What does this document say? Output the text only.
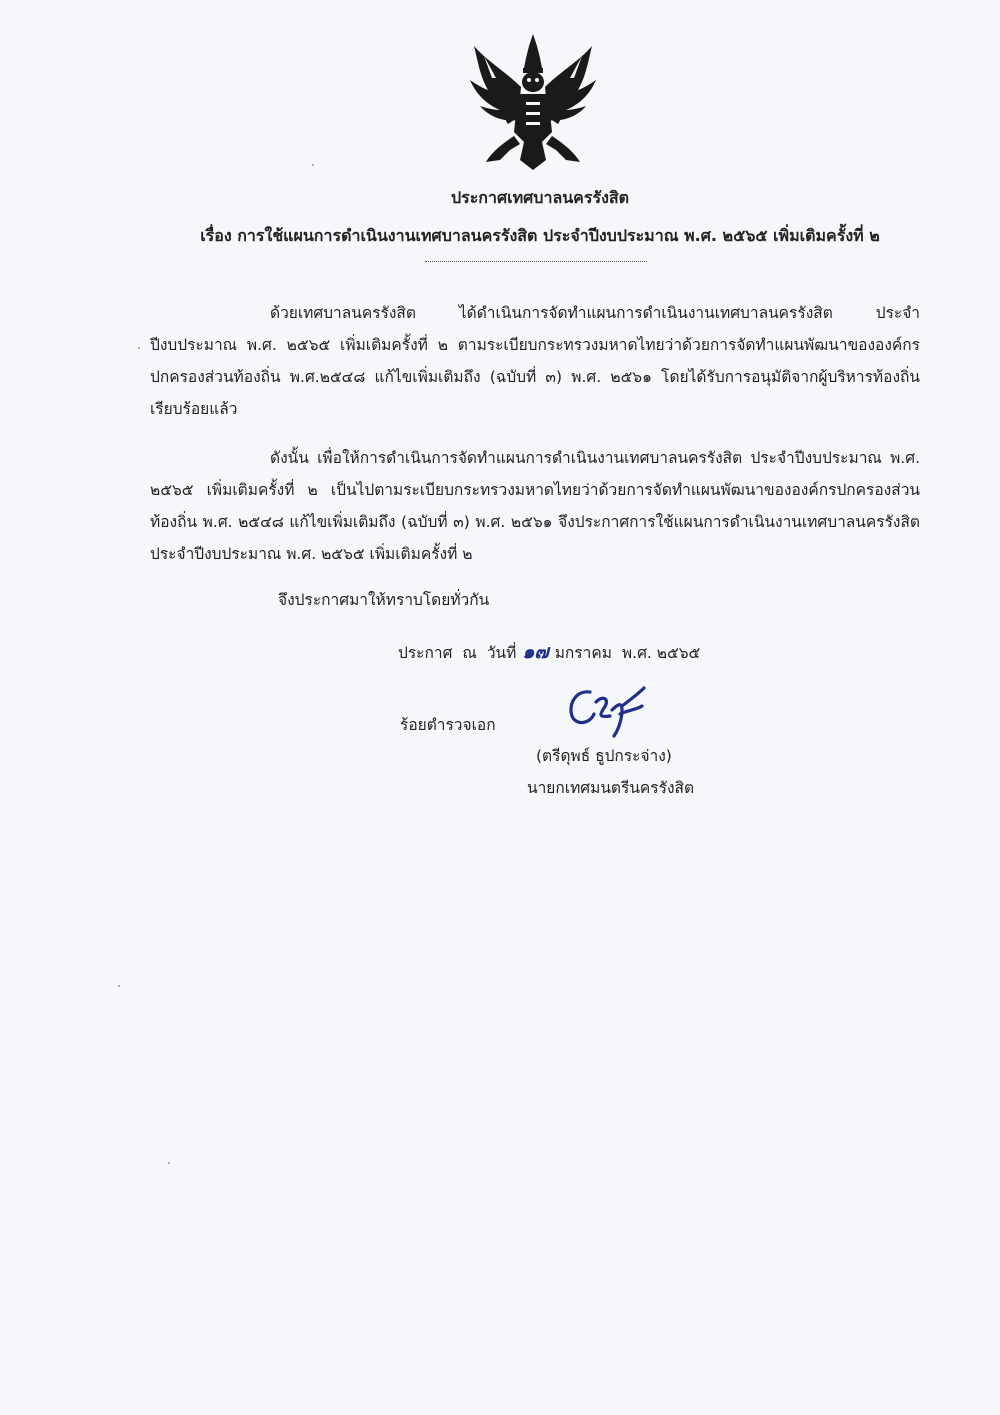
ประกาศเทศบาลนครรังสิต
เรื่อง การใช้แผนการดำเนินงานเทศบาลนครรังสิต ประจำปีงบประมาณ พ.ศ. ๒๕๖๕ เพิ่มเติมครั้งที่ ๒
ด้วยเทศบาลนครรังสิต ได้ดำเนินการจัดทำแผนการดำเนินงานเทศบาลนครรังสิต ประจำปีงบประมาณ พ.ศ. ๒๕๖๕ เพิ่มเติมครั้งที่ ๒ ตามระเบียบกระทรวงมหาดไทยว่าด้วยการจัดทำแผนพัฒนาขององค์กรปกครองส่วนท้องถิ่น พ.ศ.๒๕๔๘ แก้ไขเพิ่มเติมถึง (ฉบับที่ ๓) พ.ศ. ๒๕๖๑ โดยได้รับการอนุมัติจากผู้บริหารท้องถิ่น เรียบร้อยแล้ว
ดังนั้น เพื่อให้การดำเนินการจัดทำแผนการดำเนินงานเทศบาลนครรังสิต ประจำปีงบประมาณ พ.ศ. ๒๕๖๕ เพิ่มเติมครั้งที่ ๒ เป็นไปตามระเบียบกระทรวงมหาดไทยว่าด้วยการจัดทำแผนพัฒนาขององค์กรปกครองส่วนท้องถิ่น พ.ศ. ๒๕๔๘ แก้ไขเพิ่มเติมถึง (ฉบับที่ ๓) พ.ศ. ๒๕๖๑ จึงประกาศการใช้แผนการดำเนินงานเทศบาลนครรังสิต ประจำปีงบประมาณ พ.ศ. ๒๕๖๕ เพิ่มเติมครั้งที่ ๒
จึงประกาศมาให้ทราบโดยทั่วกัน
ประกาศ ณ วันที่ ๑๗ มกราคม พ.ศ. ๒๕๖๕
ร้อยตำรวจเอก
(ตรีดุพธ์ ธูปกระจ่าง)
นายกเทศมนตรีนครรังสิต
